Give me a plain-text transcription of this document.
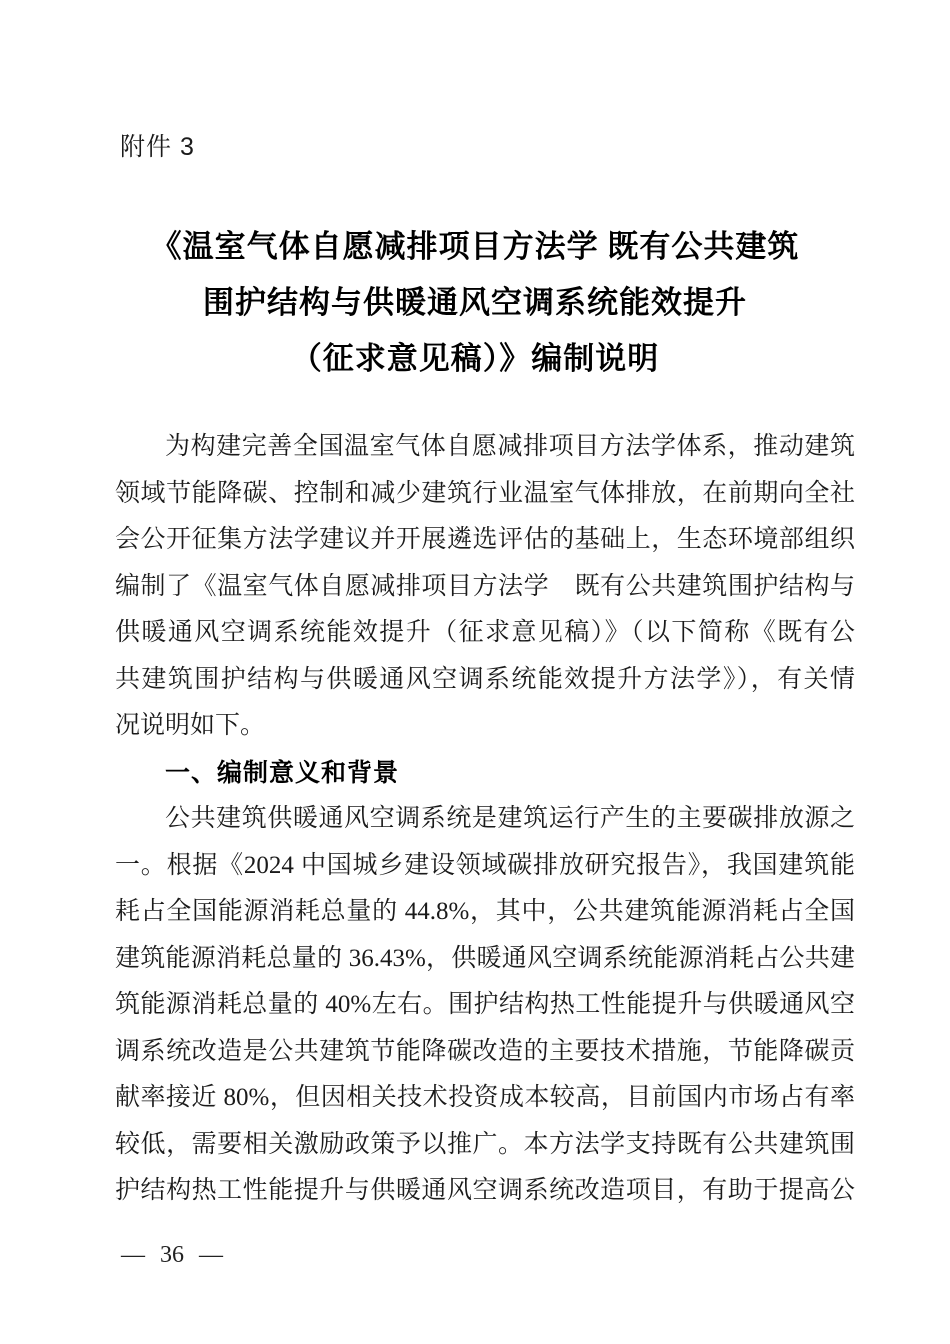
附件 3
《温室气体自愿减排项目方法学 既有公共建筑
围护结构与供暖通风空调系统能效提升
（征求意见稿）》编制说明
为构建完善全国温室气体自愿减排项目方法学体系，推动建筑
领域节能降碳、控制和减少建筑行业温室气体排放，在前期向全社
会公开征集方法学建议并开展遴选评估的基础上，生态环境部组织
编制了《温室气体自愿减排项目方法学　既有公共建筑围护结构与
供暖通风空调系统能效提升（征求意见稿）》（以下简称《既有公
共建筑围护结构与供暖通风空调系统能效提升方法学》），有关情
况说明如下。
一、编制意义和背景
公共建筑供暖通风空调系统是建筑运行产生的主要碳排放源之
一。根据《2024 中国城乡建设领域碳排放研究报告》，我国建筑能
耗占全国能源消耗总量的 44.8%，其中，公共建筑能源消耗占全国
建筑能源消耗总量的 36.43%，供暖通风空调系统能源消耗占公共建
筑能源消耗总量的 40%左右。围护结构热工性能提升与供暖通风空
调系统改造是公共建筑节能降碳改造的主要技术措施，节能降碳贡
献率接近 80%，但因相关技术投资成本较高，目前国内市场占有率
较低，需要相关激励政策予以推广。本方法学支持既有公共建筑围
护结构热工性能提升与供暖通风空调系统改造项目，有助于提高公
— 36 —
